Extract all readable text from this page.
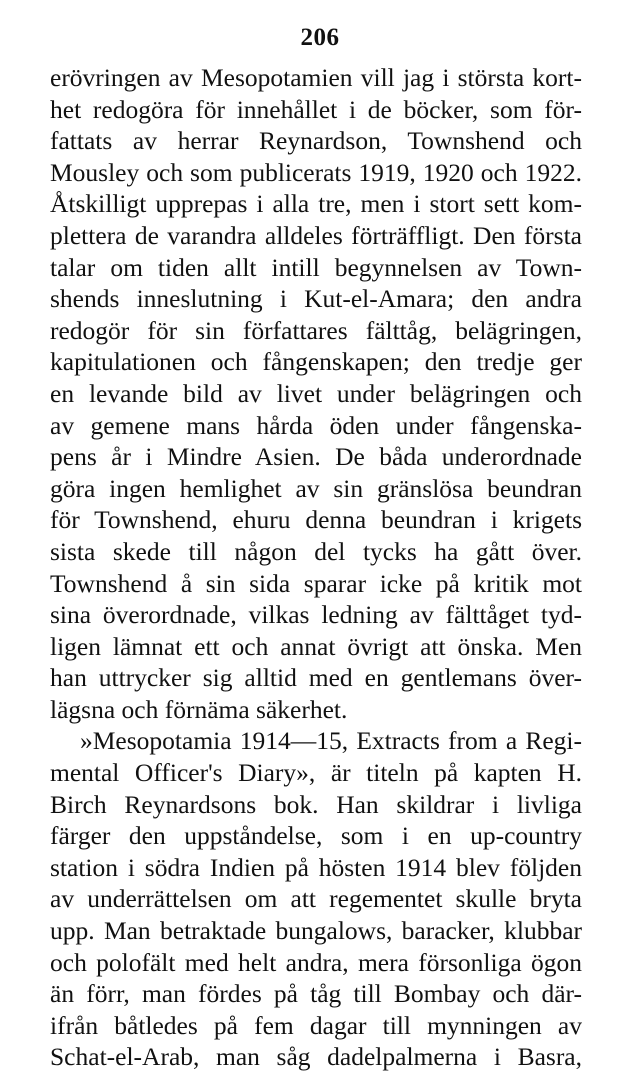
206
erövringen av Mesopotamien vill jag i största kort-
het redogöra för innehållet i de böcker, som för-
fattats av herrar Reynardson, Townshend och
Mousley och som publicerats 1919, 1920 och 1922.
Åtskilligt upprepas i alla tre, men i stort sett kom-
plettera de varandra alldeles förträffligt. Den första
talar om tiden allt intill begynnelsen av Town-
shends inneslutning i Kut-el-Amara; den andra
redogör för sin författares fälttåg, belägringen,
kapitulationen och fångenskapen; den tredje ger
en levande bild av livet under belägringen och
av gemene mans hårda öden under fångenska-
pens år i Mindre Asien. De båda underordnade
göra ingen hemlighet av sin gränslösa beundran
för Townshend, ehuru denna beundran i krigets
sista skede till någon del tycks ha gått över.
Townshend å sin sida sparar icke på kritik mot
sina överordnade, vilkas ledning av fälttåget tyd-
ligen lämnat ett och annat övrigt att önska. Men
han uttrycker sig alltid med en gentlemans över-
lägsna och förnäma säkerhet.
»Mesopotamia 1914—15, Extracts from a Regi-
mental Officer's Diary», är titeln på kapten H.
Birch Reynardsons bok. Han skildrar i livliga
färger den uppståndelse, som i en up-country
station i södra Indien på hösten 1914 blev följden
av underrättelsen om att regementet skulle bryta
upp. Man betraktade bungalows, baracker, klubbar
och polofält med helt andra, mera försonliga ögon
än förr, man fördes på tåg till Bombay och där-
ifrån båtledes på fem dagar till mynningen av
Schat-el-Arab, man såg dadelpalmerna i Basra,
